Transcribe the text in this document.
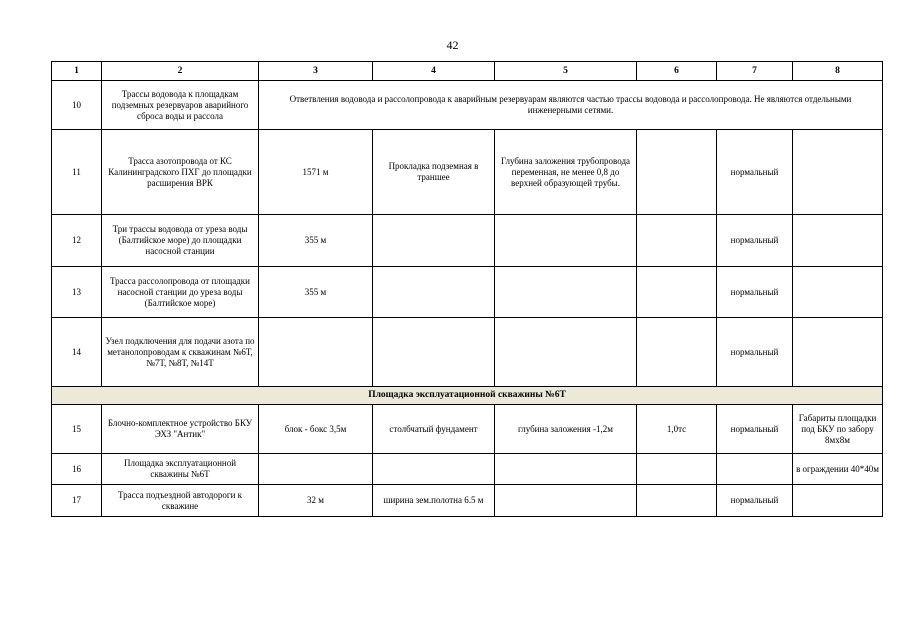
42
1	2	3	4	5	6	7	8
10	Трассы водовода к площадкам подземных резервуаров аварийного сброса воды и рассола	Ответвления водовода и рассолопровода к аварийным резервуарам являются частью трассы водовода и рассолопровода. Не являются отдельными инженерными сетями.					
11	Трасса азотопровода от КС Калининградского ПХГ до площадки расширения ВРК	1571 м	Прокладка подземная в траншее	Глубина заложения трубопровода переменная, не менее 0,8 до верхней образующей трубы.		нормальный	
12	Три трассы водовода от уреза воды (Балтийское море) до площадки насосной станции	355 м				нормальный	
13	Трасса рассолопровода от площадки насосной станции до уреза воды (Балтийское море)	355 м				нормальный	
14	Узел подключения для подачи азота по метанолопроводам к скважинам №6Т, №7Т, №8Т, №14Т					нормальный	
Площадка эксплуатационной скважины №6Т							
15	Блочно-комплектное устройство БКУ ЭХЗ "Антик"	блок - бокс 3,5м	столбчатый фундамент	глубина заложения -1,2м	1,0тс	нормальный	Габариты площадки под БКУ по забору 8мх8м
16	Площадка эксплуатационной скважины №6Т						в ограждении 40*40м
17	Трасса подъездной автодороги к скважине	32 м	ширина зем.полотна 6.5 м			нормальный	
